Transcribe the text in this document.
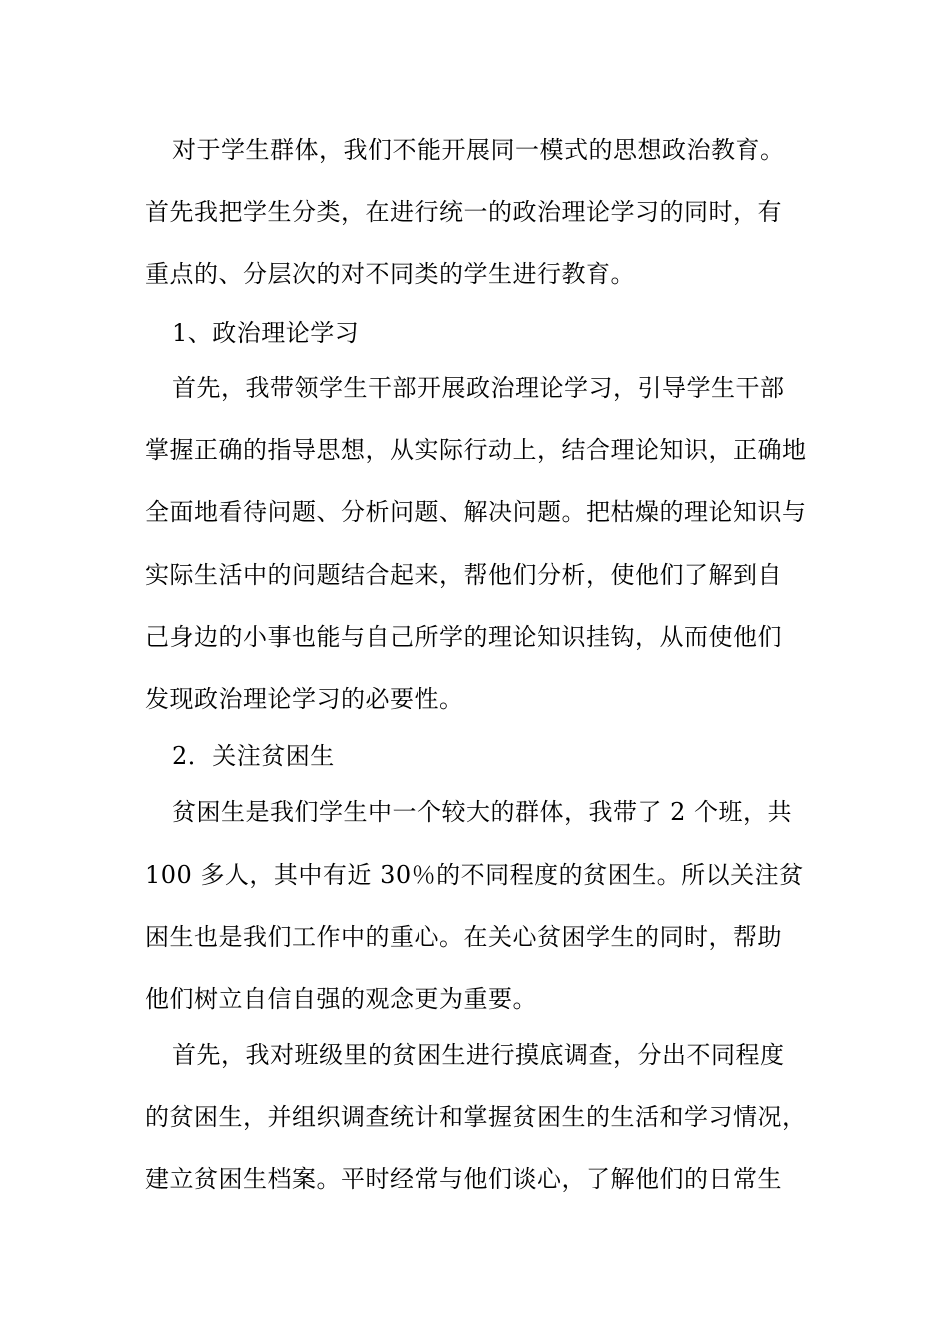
对于学生群体，我们不能开展同一模式的思想政治教育。
首先我把学生分类，在进行统一的政治理论学习的同时，有
重点的、分层次的对不同类的学生进行教育。
1、政治理论学习
首先，我带领学生干部开展政治理论学习，引导学生干部
掌握正确的指导思想，从实际行动上，结合理论知识，正确地
全面地看待问题、分析问题、解决问题。把枯燥的理论知识与
实际生活中的问题结合起来，帮他们分析，使他们了解到自
己身边的小事也能与自己所学的理论知识挂钩，从而使他们
发现政治理论学习的必要性。
2．关注贫困生
贫困生是我们学生中一个较大的群体，我带了 2 个班，共
100 多人，其中有近 30％的不同程度的贫困生。所以关注贫
困生也是我们工作中的重心。在关心贫困学生的同时，帮助
他们树立自信自强的观念更为重要。
首先，我对班级里的贫困生进行摸底调查，分出不同程度
的贫困生，并组织调查统计和掌握贫困生的生活和学习情况，
建立贫困生档案。平时经常与他们谈心，了解他们的日常生
